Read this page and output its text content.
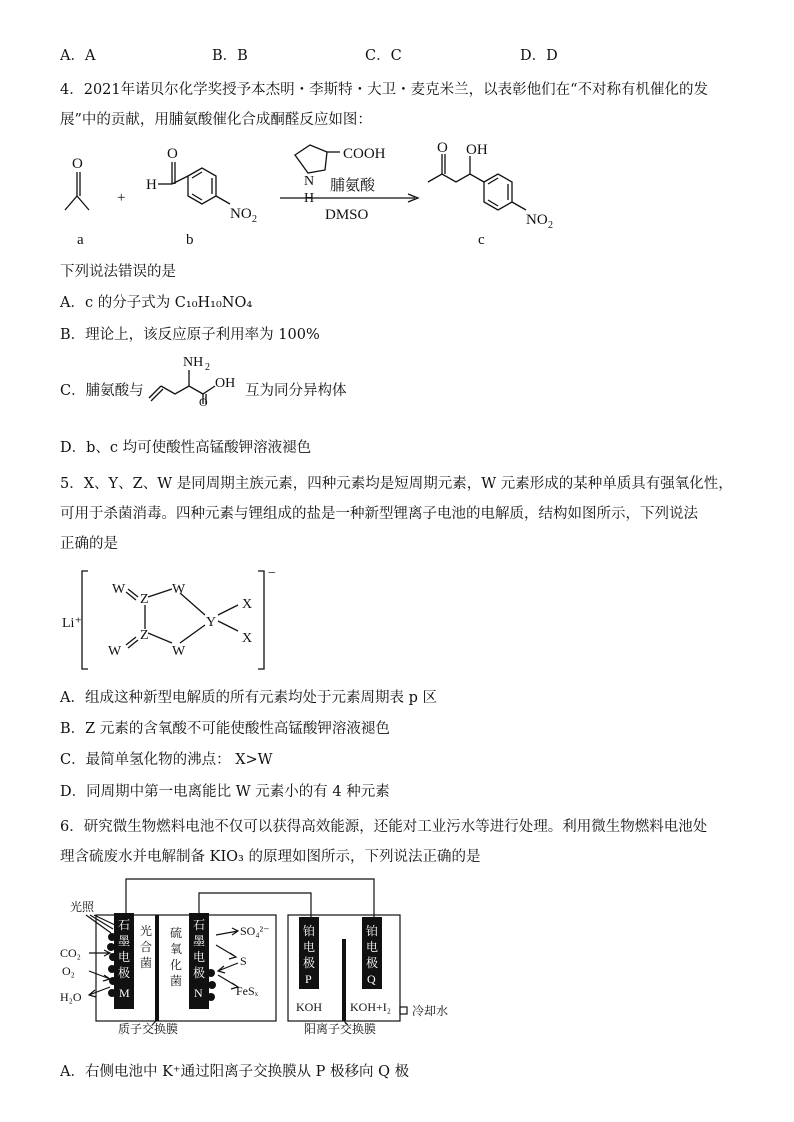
A．A	B．B	C．C	D．D
4．2021年诺贝尔化学奖授予本杰明・李斯特・大卫・麦克米兰，以表彰他们在“不对称有机催化的发
展”中的贡献，用脯氨酸催化合成酮醛反应如图：
+
H
O
O
NO 2
COOH
N
H
脯氨酸
DMSO
O OH
NO 2
a	b	c
下列说法错误的是
A．c 的分子式为 C₁₀H₁₀NO₄
B．理论上，该反应原子利用率为 100%
C．脯氨酸与
NH 2
OH
O
互为同分异构体
D．b、c 均可使酸性高锰酸钾溶液褪色
5．X、Y、Z、W 是同周期主族元素，四种元素均是短周期元素，W 元素形成的某种单质具有强氧化性，
可用于杀菌消毒。四种元素与锂组成的盐是一种新型锂离子电池的电解质，结构如图所示，下列说法
正确的是
Li⁺
−
W
Z
W
Y
X
X
Z
W
W
A．组成这种新型电解质的所有元素均处于元素周期表 p 区
B．Z 元素的含氧酸不可能使酸性高锰酸钾溶液褪色
C．最简单氢化物的沸点： X>W
D．同周期中第一电离能比 W 元素小的有 4 种元素
6．研究微生物燃料电池不仅可以获得高效能源，还能对工业污水等进行处理。利用微生物燃料电池处
理含硫废水并电解制备 KIO₃ 的原理如图所示，下列说法正确的是
石
墨
电
极
M
石
墨
电
极
N
铂
电
极
P
铂
电
极
Q
光照
CO₂
O₂
H₂O
光
合
菌
硫
氧
化
菌
SO₄²⁻
S
FeSₓ
KOH KOH+I₂ 冷却水
质子交换膜	阳离子交换膜
A．右侧电池中 K⁺通过阳离子交换膜从 P 极移向 Q 极
